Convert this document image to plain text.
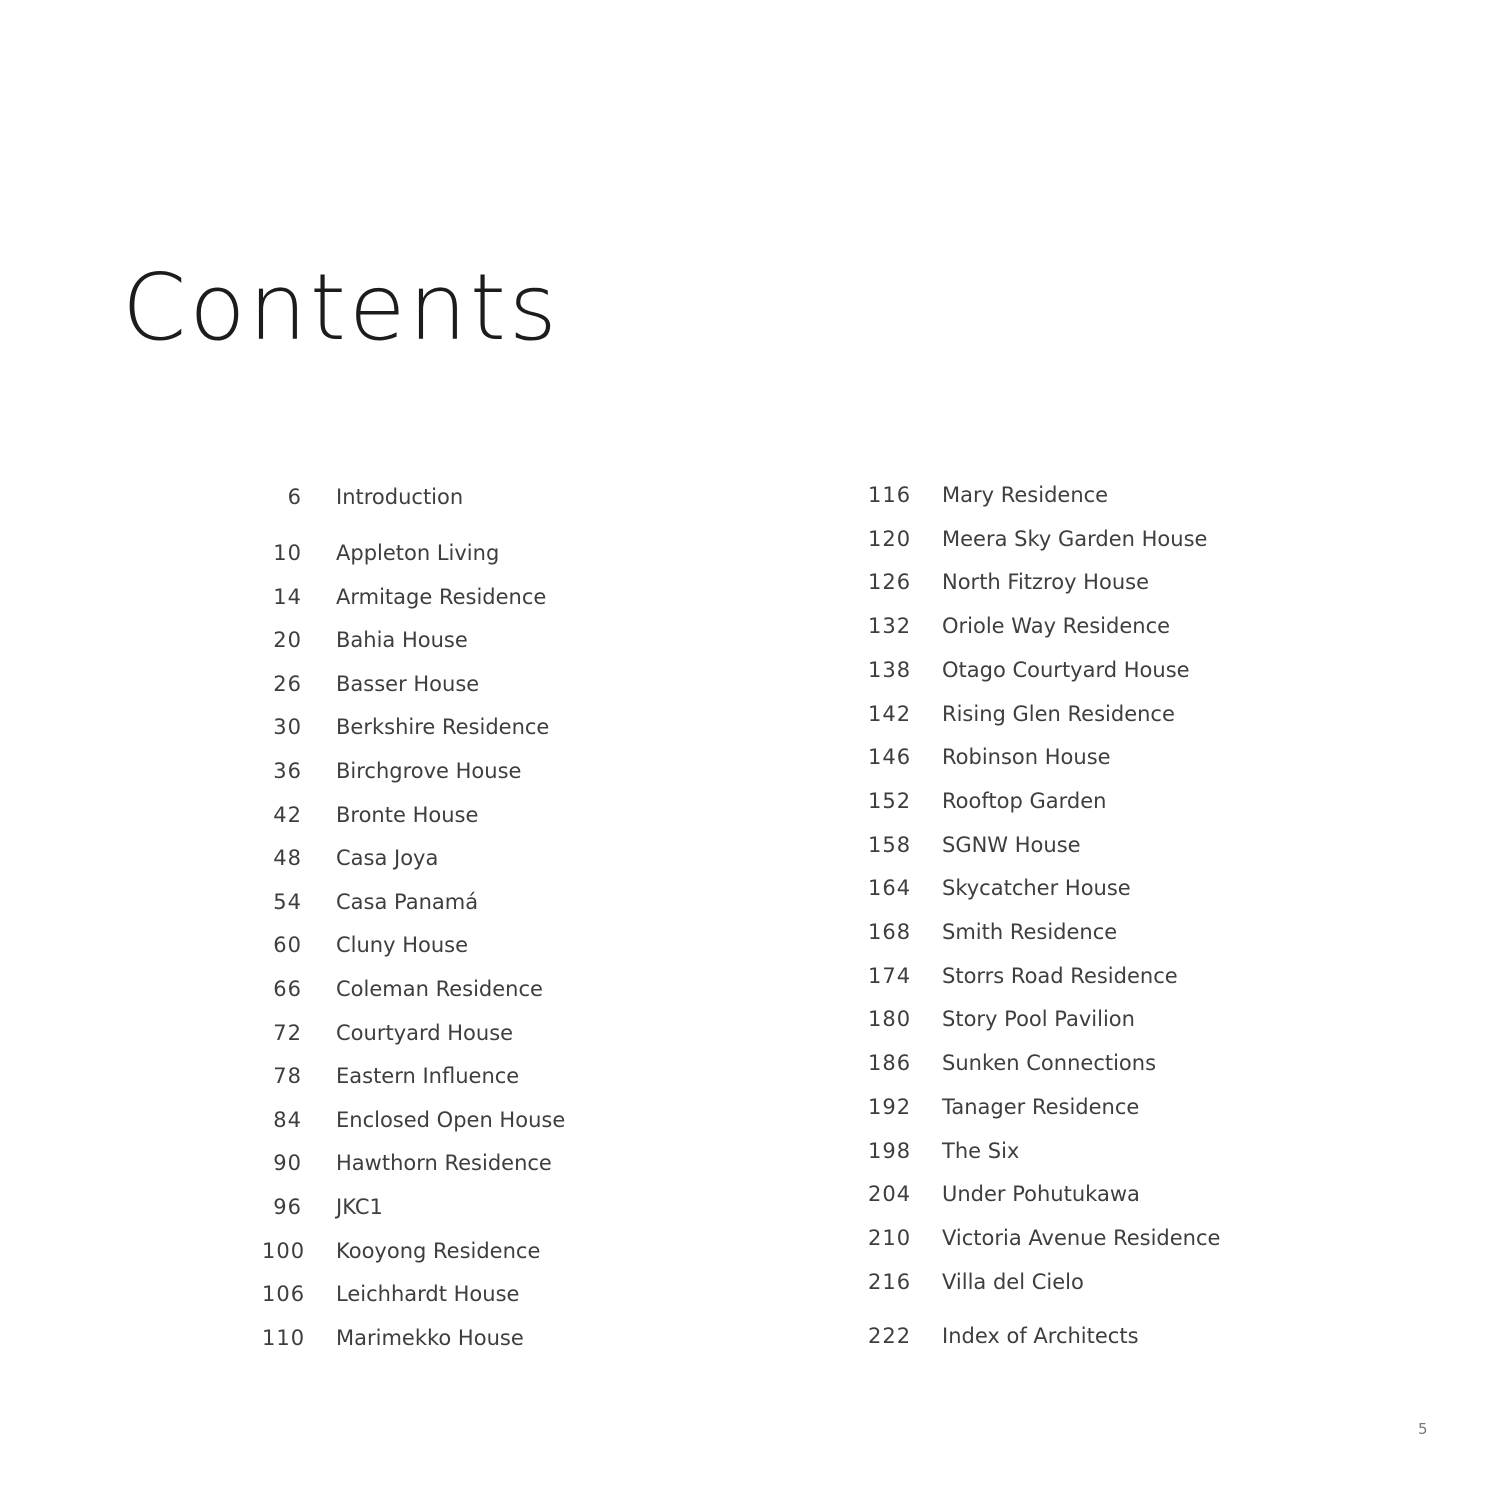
Contents
6 Introduction
10 Appleton Living
14 Armitage Residence
20 Bahia House
26 Basser House
30 Berkshire Residence
36 Birchgrove House
42 Bronte House
48 Casa Joya
54 Casa Panamá
60 Cluny House
66 Coleman Residence
72 Courtyard House
78 Eastern Influence
84 Enclosed Open House
90 Hawthorn Residence
96 JKC1
100 Kooyong Residence
106 Leichhardt House
110 Marimekko House
116 Mary Residence
120 Meera Sky Garden House
126 North Fitzroy House
132 Oriole Way Residence
138 Otago Courtyard House
142 Rising Glen Residence
146 Robinson House
152 Rooftop Garden
158 SGNW House
164 Skycatcher House
168 Smith Residence
174 Storrs Road Residence
180 Story Pool Pavilion
186 Sunken Connections
192 Tanager Residence
198 The Six
204 Under Pohutukawa
210 Victoria Avenue Residence
216 Villa del Cielo
222 Index of Architects
5
